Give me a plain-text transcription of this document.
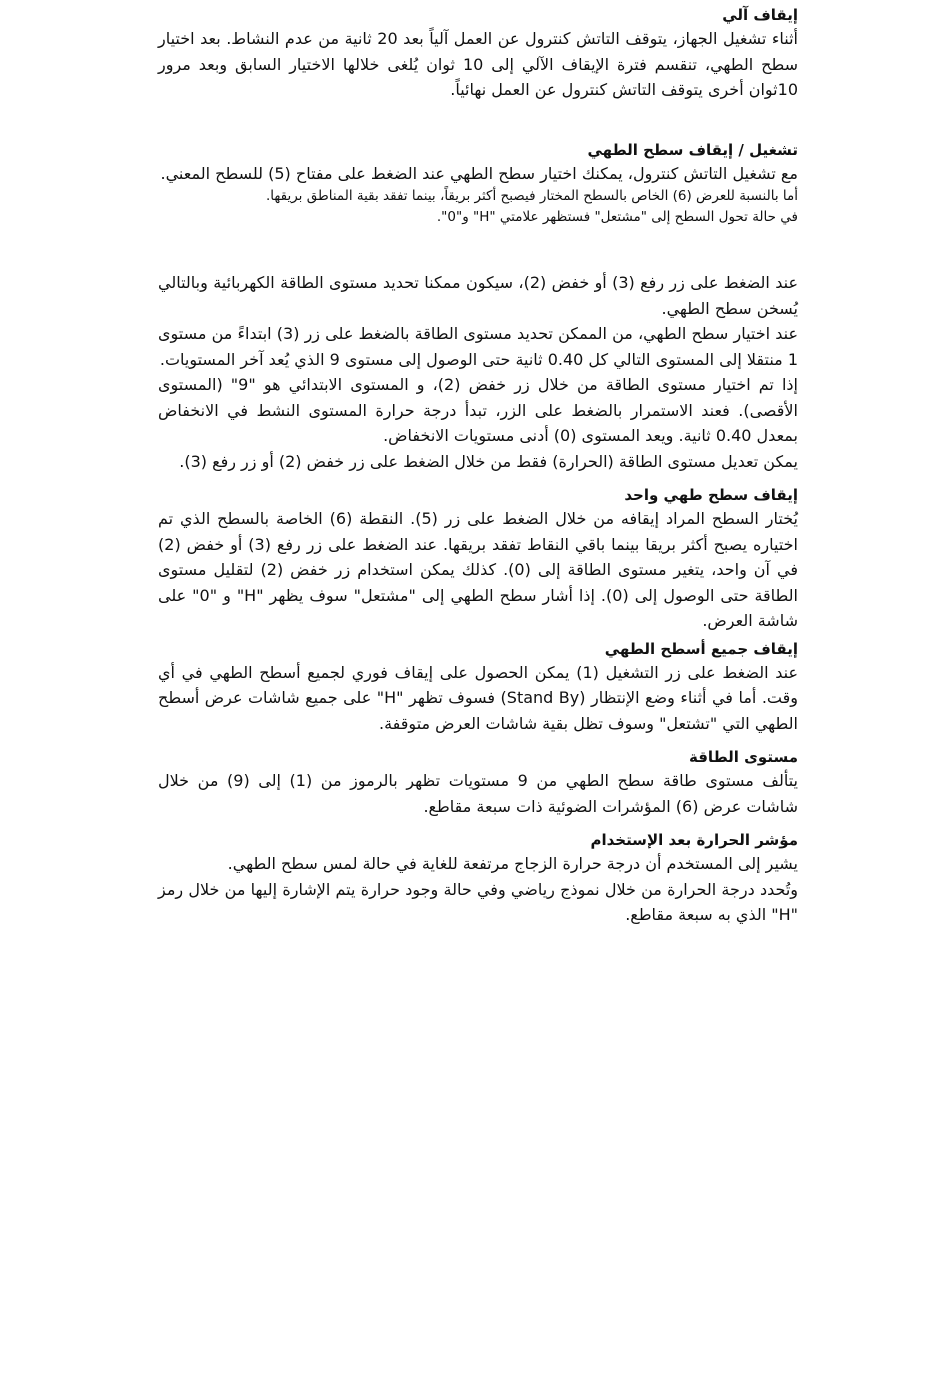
إيقاف آلي

أثناء تشغيل الجهاز، يتوقف التاتش كنترول عن العمل آلياً بعد 20 ثانية من عدم النشاط. بعد اختيار سطح الطهي، تنقسم فترة الإيقاف الآلي إلى 10 ثوان يُلغى خلالها الاختيار السابق وبعد مرور 10ثوان أخرى يتوقف التاتش كنترول عن العمل نهائياً.

تشغيل / إيقاف سطح الطهي

مع تشغيل التاتش كنترول، يمكنك اختيار سطح الطهي عند الضغط على مفتاح (5) للسطح المعني.

أما بالنسبة للعرض (6) الخاص بالسطح المختار فيصبح أكثر بريقاً، بينما تفقد بقية المناطق بريقها.

في حالة تحول السطح إلى "مشتعل" فستظهر علامتي "H" و"0".

عند الضغط على زر رفع (3) أو خفض (2)، سيكون ممكنا تحديد مستوى الطاقة الكهربائية وبالتالي يُسخن سطح الطهي.

عند اختيار سطح الطهي، من الممكن تحديد مستوى الطاقة بالضغط على زر (3) ابتداءً من مستوى 1 منتقلا إلى المستوى التالي كل 0.40 ثانية حتى الوصول إلى مستوى 9 الذي يُعد آخر المستويات.

إذا تم اختيار مستوى الطاقة من خلال زر خفض (2)، و المستوى الابتدائي هو "9" (المستوى الأقصى). فعند الاستمرار بالضغط على الزر، تبدأ درجة حرارة المستوى النشط في الانخفاض بمعدل 0.40 ثانية. ويعد المستوى (0) أدنى مستويات الانخفاض.

يمكن تعديل مستوى الطاقة (الحرارة) فقط من خلال الضغط على زر خفض (2) أو زر رفع (3).

إيقاف سطح طهي واحد

يُختار السطح المراد إيقافه من خلال الضغط على زر (5). النقطة (6) الخاصة بالسطح الذي تم اختياره يصبح أكثر بريقا بينما باقي النقاط تفقد بريقها. عند الضغط على زر رفع (3) أو خفض (2) في آن واحد، يتغير مستوى الطاقة إلى (0). كذلك يمكن استخدام زر خفض (2) لتقليل مستوى الطاقة حتى الوصول إلى (0). إذا أشار سطح الطهي إلى "مشتعل" سوف يظهر "H" و "0" على شاشة العرض.

إيقاف جميع أسطح الطهي

عند الضغط على زر التشغيل (1) يمكن الحصول على إيقاف فوري لجميع أسطح الطهي في أي وقت. أما في أثناء وضع الإنتظار (Stand By) فسوف تظهر "H" على جميع شاشات عرض أسطح الطهي التي "تشتعل" وسوف تظل بقية شاشات العرض متوقفة.

مستوى الطاقة

يتألف مستوى طاقة سطح الطهي من 9 مستويات تظهر بالرموز من (1) إلى (9) من خلال شاشات عرض (6) المؤشرات الضوئية ذات سبعة مقاطع.

مؤشر الحرارة بعد الإستخدام

يشير إلى المستخدم أن درجة حرارة الزجاج مرتفعة للغاية في حالة لمس سطح الطهي.

وتُحدد درجة الحرارة من خلال نموذج رياضي وفي حالة وجود حرارة يتم الإشارة إليها من خلال رمز "H" الذي به سبعة مقاطع.
